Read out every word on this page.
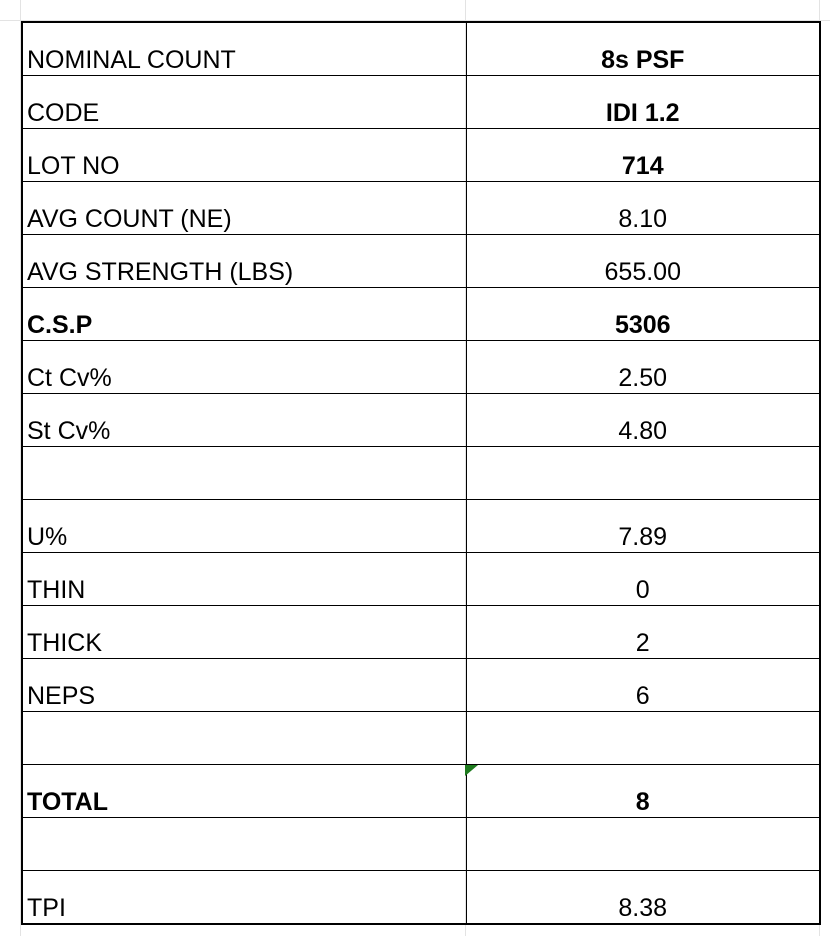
NOMINAL COUNT	8s PSF
CODE	IDI 1.2
LOT NO	714
AVG COUNT (NE)	8.10
AVG STRENGTH (LBS)	655.00
C.S.P	5306
Ct Cv%	2.50
St Cv%	4.80

U%	7.89
THIN	0
THICK	2
NEPS	6

TOTAL	8

TPI	8.38
